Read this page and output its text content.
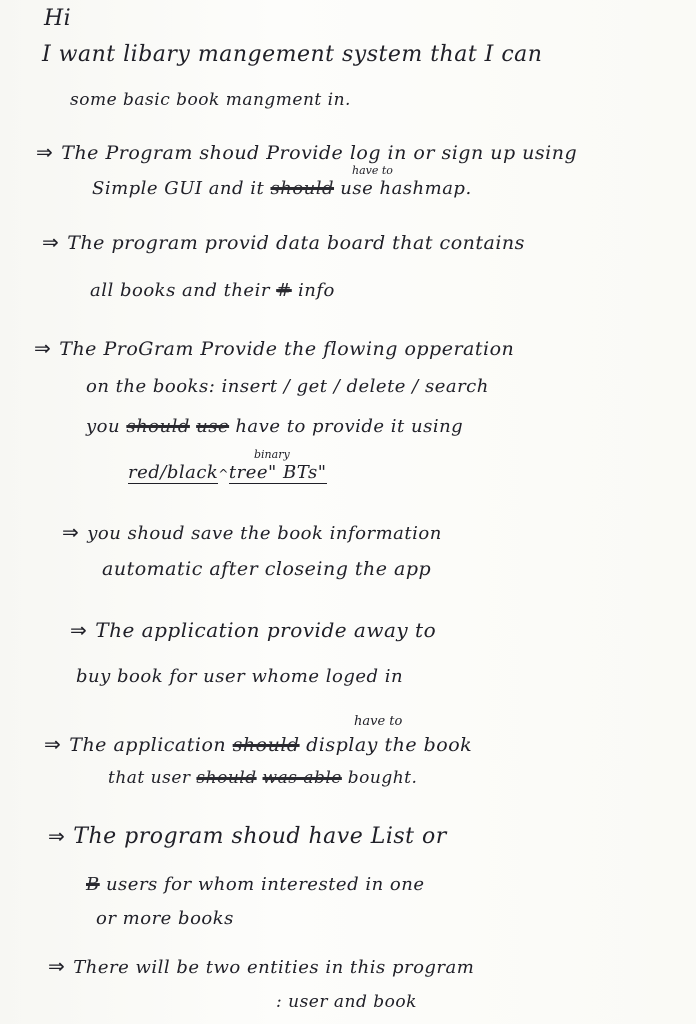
Hi
I want libary mangement system that I can
some basic book mangment in.
⇒ The Program shoud Provide log in or sign up using
have to
Simple GUI and it should use hashmap.
⇒ The program provid data board that contains
all books and their # info
⇒ The ProGram Provide the flowing opperation
on the books: insert / get / delete / search
you should use have to provide it using
binary
red/black^tree" BTs"
⇒ you shoud save the book information
automatic after closeing the app
⇒ The application provide away to
buy book for user whome loged in
have to
⇒ The application should display the book
that user should was able bought.
⇒ The program shoud have List or
B users for whom interested in one
or more books
⇒ There will be two entities in this program
: user and book
